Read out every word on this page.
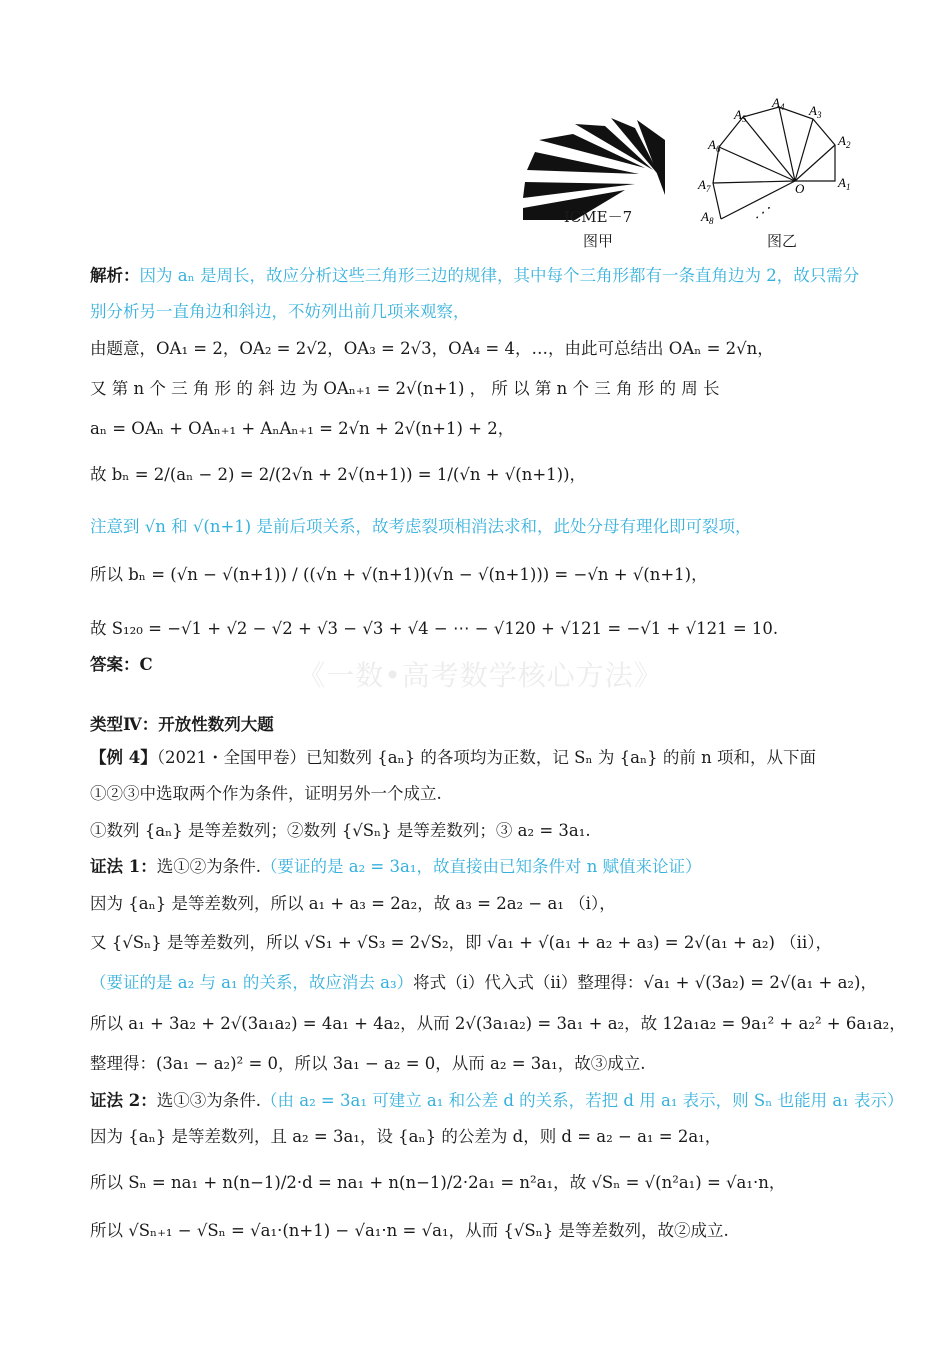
ICME－7
图甲
$A_1$
$A_2$
$A_3$
$A_4$
$A_5$
$A_6$
$A_7$
$A_8$
O
⋰
图乙
解析：因为 aₙ 是周长，故应分析这些三角形三边的规律，其中每个三角形都有一条直角边为 2，故只需分别分析另一直角边和斜边，不妨列出前几项来观察，
由题意，OA₁ = 2，OA₂ = 2√2，OA₃ = 2√3，OA₄ = 4，…，由此可总结出 OAₙ = 2√n，
又 第 n 个 三 角 形 的 斜 边 为 OAₙ₊₁ = 2√(n+1) ， 所 以 第 n 个 三 角 形 的 周 长
aₙ = OAₙ + OAₙ₊₁ + AₙAₙ₊₁ = 2√n + 2√(n+1) + 2，
故 bₙ = 2/(aₙ − 2) = 2/(2√n + 2√(n+1)) = 1/(√n + √(n+1))，
注意到 √n 和 √(n+1) 是前后项关系，故考虑裂项相消法求和，此处分母有理化即可裂项，
所以 bₙ = (√n − √(n+1)) / ((√n + √(n+1))(√n − √(n+1))) = −√n + √(n+1)，
故 S₁₂₀ = −√1 + √2 − √2 + √3 − √3 + √4 − ⋯ − √120 + √121 = −√1 + √121 = 10.
答案：C	《一数•高考数学核心方法》
类型Ⅳ：开放性数列大题
【例 4】（2021・全国甲卷）已知数列 {aₙ} 的各项均为正数，记 Sₙ 为 {aₙ} 的前 n 项和，从下面①②③中选取两个作为条件，证明另外一个成立.
①数列 {aₙ} 是等差数列；②数列 {√Sₙ} 是等差数列；③ a₂ = 3a₁.
证法 1：选①②为条件.（要证的是 a₂ = 3a₁，故直接由已知条件对 n 赋值来论证）
因为 {aₙ} 是等差数列，所以 a₁ + a₃ = 2a₂，故 a₃ = 2a₂ − a₁ （i），
又 {√Sₙ} 是等差数列，所以 √S₁ + √S₃ = 2√S₂，即 √a₁ + √(a₁ + a₂ + a₃) = 2√(a₁ + a₂) （ii），
（要证的是 a₂ 与 a₁ 的关系，故应消去 a₃）将式（i）代入式（ii）整理得：√a₁ + √(3a₂) = 2√(a₁ + a₂)，
所以 a₁ + 3a₂ + 2√(3a₁a₂) = 4a₁ + 4a₂，从而 2√(3a₁a₂) = 3a₁ + a₂，故 12a₁a₂ = 9a₁² + a₂² + 6a₁a₂，
整理得：(3a₁ − a₂)² = 0，所以 3a₁ − a₂ = 0，从而 a₂ = 3a₁，故③成立.
证法 2：选①③为条件.（由 a₂ = 3a₁ 可建立 a₁ 和公差 d 的关系，若把 d 用 a₁ 表示，则 Sₙ 也能用 a₁ 表示）
因为 {aₙ} 是等差数列，且 a₂ = 3a₁，设 {aₙ} 的公差为 d，则 d = a₂ − a₁ = 2a₁，
所以 Sₙ = na₁ + n(n−1)/2·d = na₁ + n(n−1)/2·2a₁ = n²a₁，故 √Sₙ = √(n²a₁) = √a₁·n，
所以 √Sₙ₊₁ − √Sₙ = √a₁·(n+1) − √a₁·n = √a₁，从而 {√Sₙ} 是等差数列，故②成立.
